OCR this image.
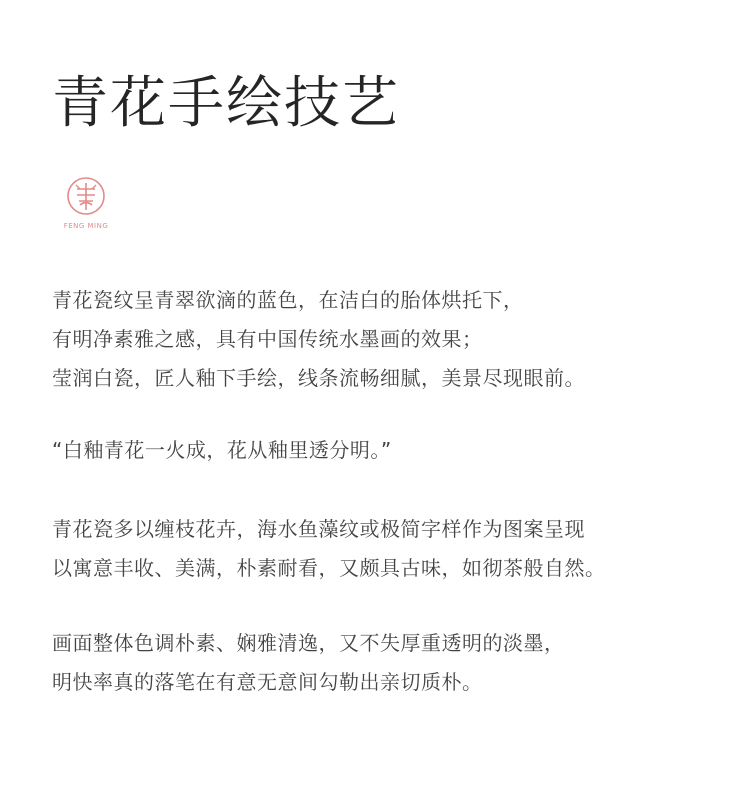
青花手绘技艺
FENG MING
青花瓷纹呈青翠欲滴的蓝色，在洁白的胎体烘托下，
有明净素雅之感，具有中国传统水墨画的效果；
莹润白瓷，匠人釉下手绘，线条流畅细腻，美景尽现眼前。
“白釉青花一火成，花从釉里透分明。”
青花瓷多以缠枝花卉，海水鱼藻纹或极简字样作为图案呈现
以寓意丰收、美满，朴素耐看，又颇具古味，如彻茶般自然。
画面整体色调朴素、娴雅清逸，又不失厚重透明的淡墨，
明快率真的落笔在有意无意间勾勒出亲切质朴。
